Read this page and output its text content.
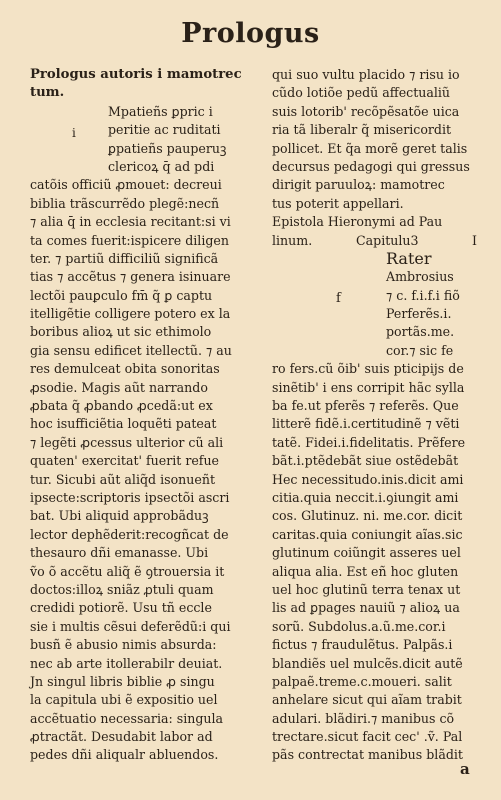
Prologus
Prologus autoris i mamotrec
tum.
i
Mpatieñs ꝑpric i
peritie ac ruditati
ꝑpatieñs pauperuꝫ
clericoꝝ q̄ ad pdi
catõis officiũ ꝓmouet: decreui
biblia trãscurrẽdo plegẽ:necñ
⁊ alia q̄ in ecclesia recitant:si vi
ta comes fuerit:ispicere diligen
ter. ⁊ partiũ difficiliũ significã
tias ⁊ accẽtus ⁊ genera isinuare
lectõi pauꝑculo fm̄ q̃ ꝑ captu
itelligẽtie colligere potero ex la
boribus alioꝝ ut sic ethimolo
gia sensu edificet itellectũ. ⁊ au
res demulceat obita sonoritas
ꝓsodie. Magis aũt narrando
ꝓbata q̃ ꝓbando ꝓcedã:ut ex
hoc isufficiẽtia loquẽti pateat
⁊ legẽti ꝓcessus ulterior cũ ali
quaten' exercitat' fuerit refue
tur. Sicubi aũt aliq̃d isonueñt
ipsecte:scriptoris ipsectõi ascri
bat. Ubi aliquid approbãduꝫ
lector dephẽderit:recogñcat de
thesauro dñi emanasse. Ubi
ṽo õ accẽtu aliq̃ ẽ ꝯtrouersia it
doctos:illoꝝ sniãz ꝓtuli quam
credidi potiorẽ. Usu tñ eccle
sie i multis cẽsui deferẽdũ:i qui
busñ ẽ abusio nimis absurda:
nec ab arte itollerabilr deuiat.
Jn singul libris biblie ꝓ singu
la capitula ubi ẽ expositio uel
accẽtuatio necessaria: singula
ꝓtractãt. Desudabit labor ad
pedes dñi aliqualr abluendos.
qui suo vultu placido ⁊ risu io
cũdo lotiõe pedũ affectualiũ
suis lotorib' recõpẽsatõe uica
ria tã liberalr q̃ misericordit
pollicet. Et q̃a morẽ geret talis
decursus pedagogi qui gressus
dirigit paruuloꝝ: mamotrec
tus poterit appellari.
Epistola Hieronymi ad Pau
linum.	Capitulu3	I
f
Rater
Ambrosius
⁊ c. f.i.f.i fiõ
Perferẽs.i.
portãs.me.
cor.⁊ sic fe
ro fers.cũ õib' suis pticipijs de
sinẽtib' i ens corripit hãc sylla
ba fe.ut pferẽs ⁊ referẽs. Que
litterẽ fidẽ.i.certitudinẽ ⁊ vẽti
tatẽ. Fidei.i.fidelitatis. Prẽfere
bãt.i.ptẽdebãt siue ostẽdebãt
Hec necessitudo.inis.dicit ami
citia.quia neccit.i.ꝯiungit ami
cos. Glutinuz. ni. me.cor. dicit
caritas.quia coniungit aĩas.sic
glutinum coiũngit asseres uel
aliqua alia. Est eñ hoc gluten
uel hoc glutinũ terra tenax ut
lis ad ꝑpages nauiũ ⁊ alioꝝ ua
sorũ. Subdolus.a.ũ.me.cor.i
fictus ⁊ fraudulẽtus. Palpãs.i
blandiẽs uel mulcẽs.dicit autẽ
palpaẽ.treme.c.moueri. salit
anhelare sicut qui aĩam trabit
adulari. blãdiri.⁊ manibus cõ
trectare.sicut facit cec' .ṽ. Pal
pãs contrectat manibus blãdit
a
